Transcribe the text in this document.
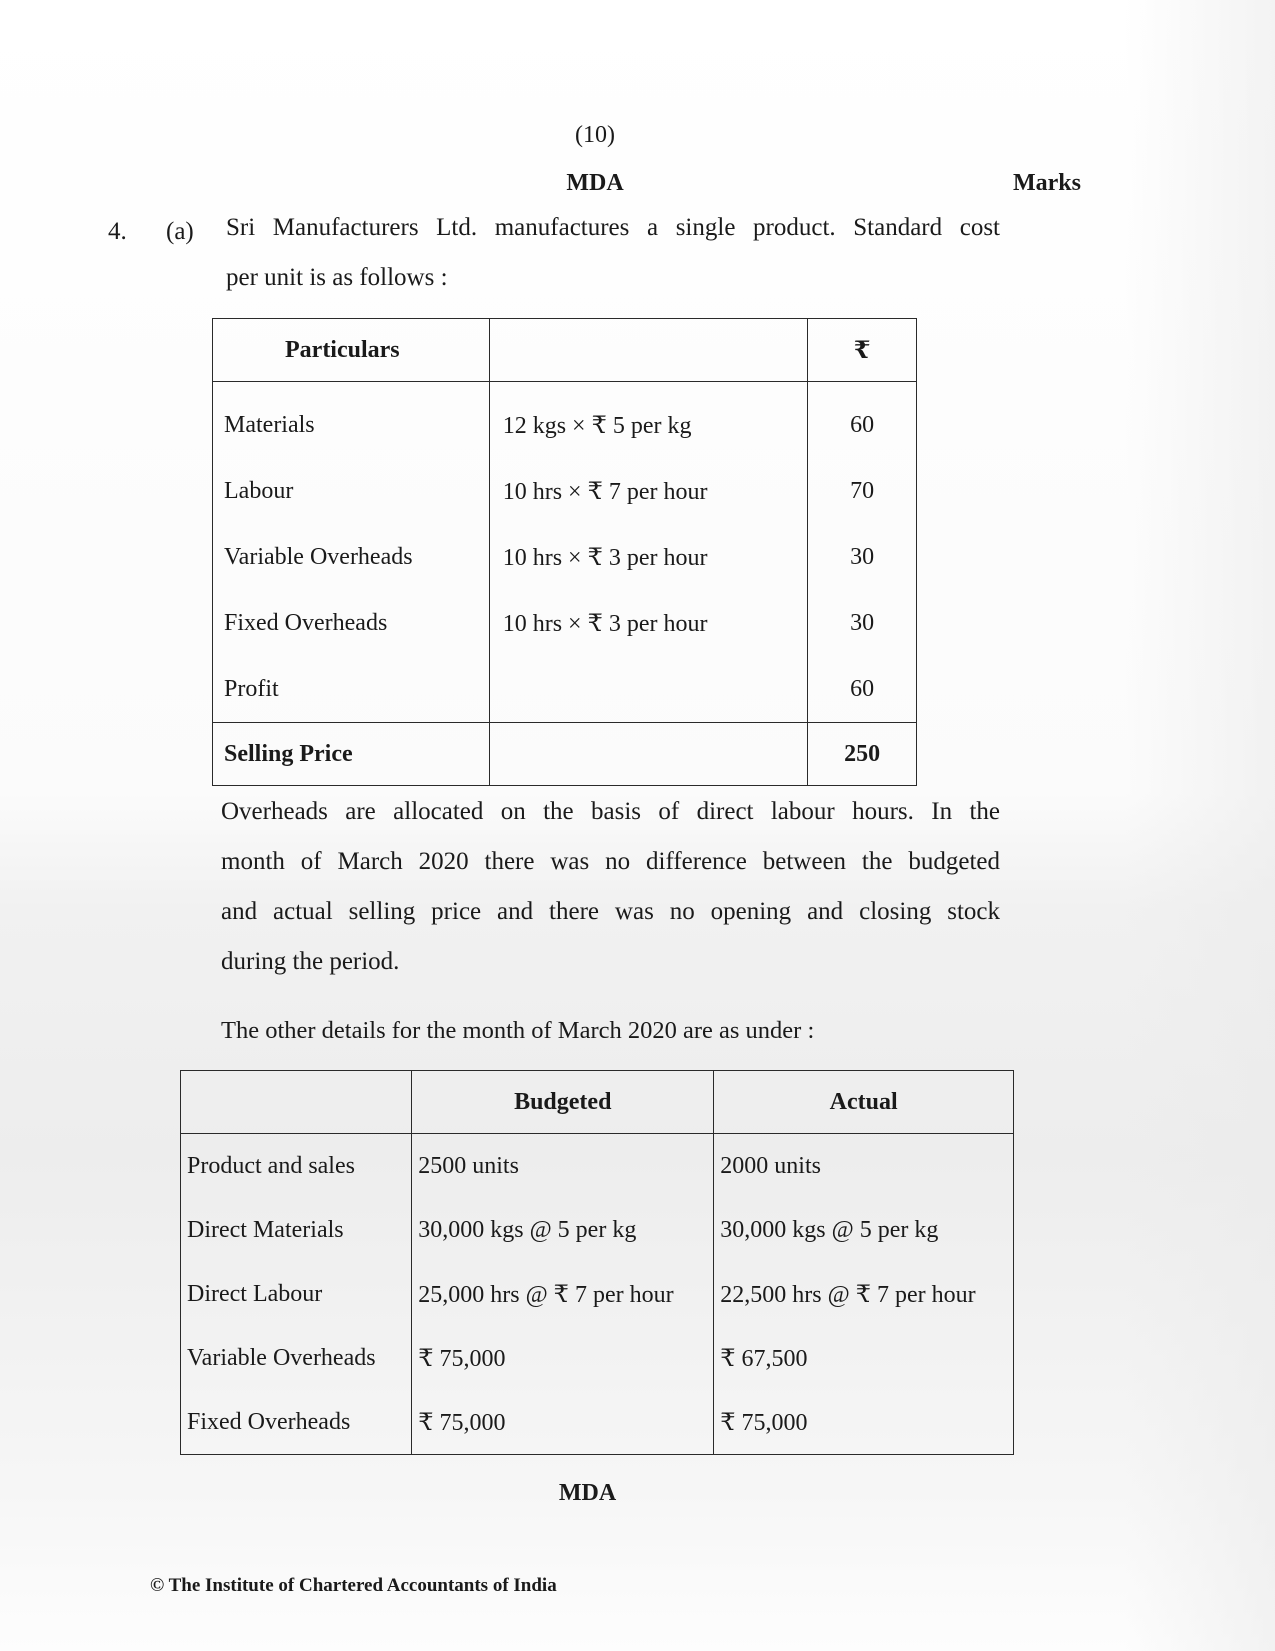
(10)
MDA	Marks
4. (a) Sri Manufacturers Ltd. manufactures a single product. Standard cost
per unit is as follows :
Particulars		₹
Materials	12 kgs × ₹ 5 per kg	60
Labour	10 hrs × ₹ 7 per hour	70
Variable Overheads	10 hrs × ₹ 3 per hour	30
Fixed Overheads	10 hrs × ₹ 3 per hour	30
Profit		60
Selling Price		250
Overheads are allocated on the basis of direct labour hours. In the
month of March 2020 there was no difference between the budgeted
and actual selling price and there was no opening and closing stock
during the period.
The other details for the month of March 2020 are as under :
	Budgeted	Actual
Product and sales	2500 units	2000 units
Direct Materials	30,000 kgs @ 5 per kg	30,000 kgs @ 5 per kg
Direct Labour	25,000 hrs @ ₹ 7 per hour	22,500 hrs @ ₹ 7 per hour
Variable Overheads	₹ 75,000	₹ 67,500
Fixed Overheads	₹ 75,000	₹ 75,000
MDA
© The Institute of Chartered Accountants of India
